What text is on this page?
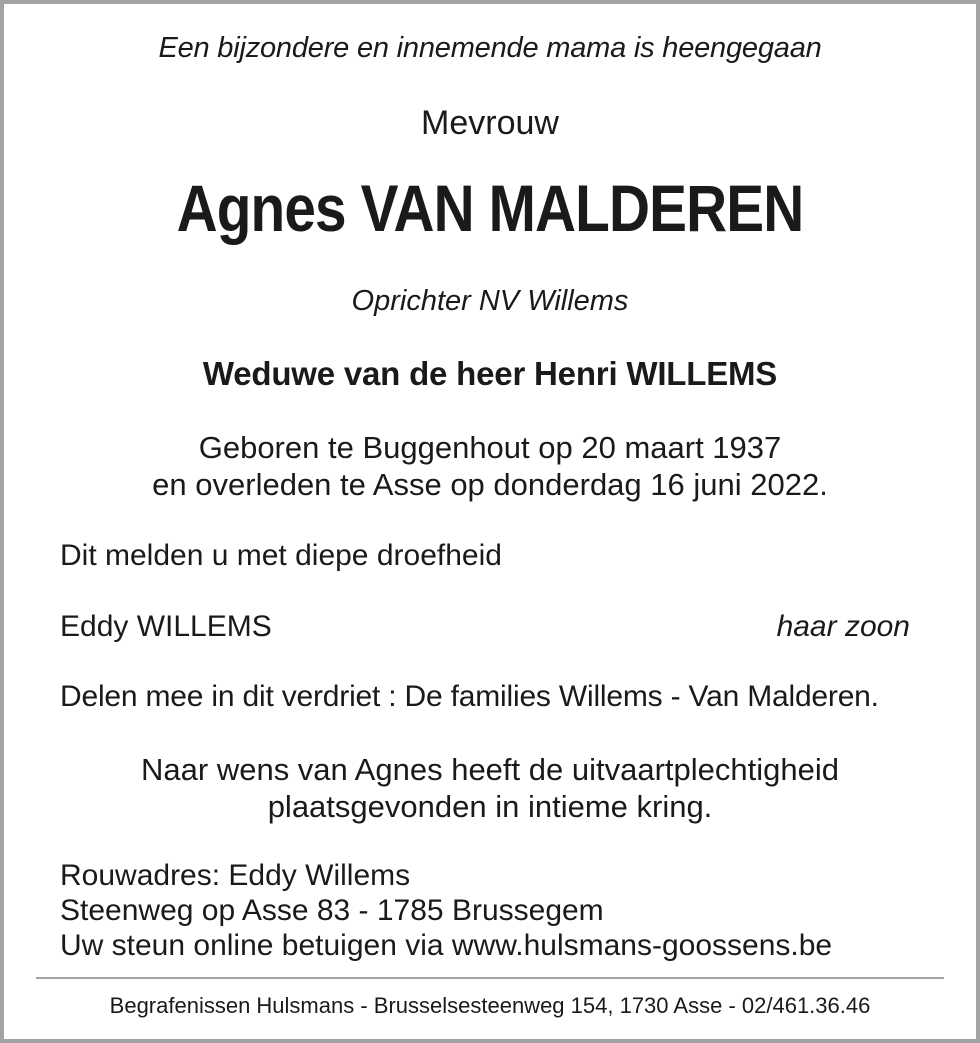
Een bijzondere en innemende mama is heengegaan
Mevrouw
Agnes VAN MALDEREN
Oprichter NV Willems
Weduwe van de heer Henri WILLEMS
Geboren te Buggenhout op 20 maart 1937
en overleden te Asse op donderdag 16 juni 2022.
Dit melden u met diepe droefheid
Eddy WILLEMS	haar zoon
Delen mee in dit verdriet : De families Willems - Van Malderen.
Naar wens van Agnes heeft de uitvaartplechtigheid
plaatsgevonden in intieme kring.
Rouwadres: Eddy Willems
Steenweg op Asse 83 - 1785 Brussegem
Uw steun online betuigen via www.hulsmans-goossens.be
Begrafenissen Hulsmans - Brusselsesteenweg 154, 1730 Asse - 02/461.36.46
